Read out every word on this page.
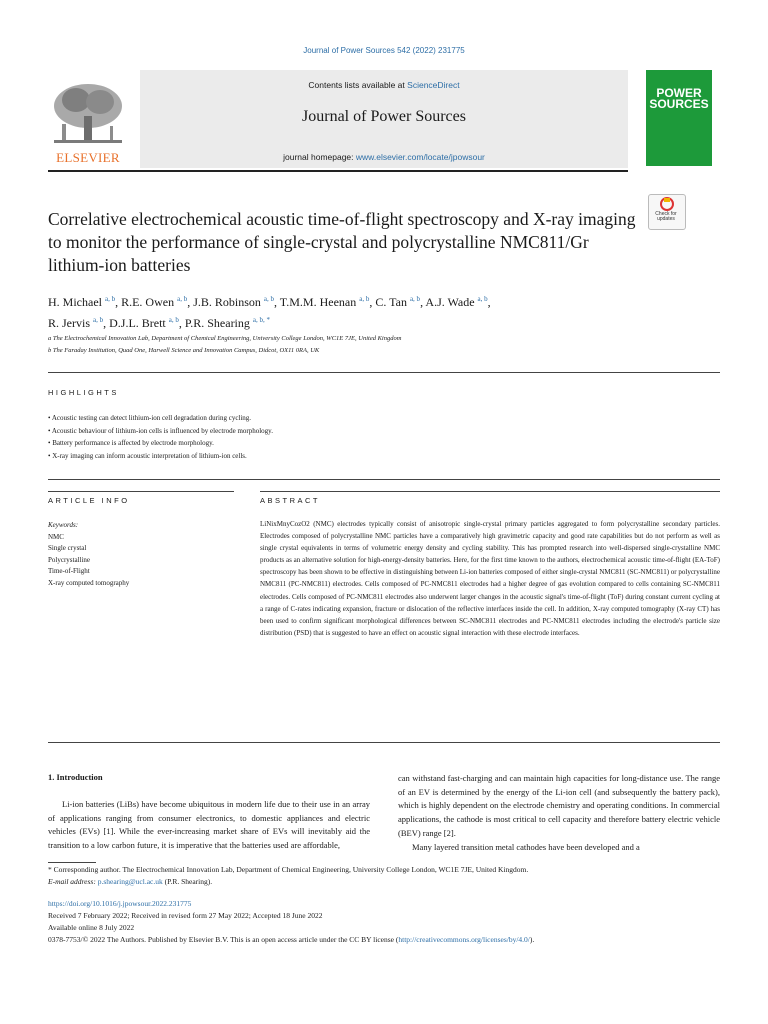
Journal of Power Sources 542 (2022) 231775
Contents lists available at ScienceDirect
Journal of Power Sources
journal homepage: www.elsevier.com/locate/jpowsour
ELSEVIER
POWER SOURCES
Check for updates
Correlative electrochemical acoustic time-of-flight spectroscopy and X-ray imaging to monitor the performance of single-crystal and polycrystalline NMC811/Gr lithium-ion batteries
H. Michael $^{a, b}$, R.E. Owen $^{a, b}$, J.B. Robinson $^{a, b}$, T.M.M. Heenan $^{a, b}$, C. Tan $^{a, b}$, A.J. Wade $^{a, b}$,
R. Jervis $^{a, b}$, D.J.L. Brett $^{a, b}$, P.R. Shearing $^{a, b, *}$
a The Electrochemical Innovation Lab, Department of Chemical Engineering, University College London, WC1E 7JE, United Kingdom
b The Faraday Institution, Quad One, Harwell Science and Innovation Campus, Didcot, OX11 0RA, UK
HIGHLIGHTS
• Acoustic testing can detect lithium-ion cell degradation during cycling.
• Acoustic behaviour of lithium-ion cells is influenced by electrode morphology.
• Battery performance is affected by electrode morphology.
• X-ray imaging can inform acoustic interpretation of lithium-ion cells.
ARTICLE INFO
Keywords:
NMC
Single crystal
Polycrystalline
Time-of-Flight
X-ray computed tomography
ABSTRACT
LiNixMnyCozO2 (NMC) electrodes typically consist of anisotropic single-crystal primary particles aggregated to form polycrystalline secondary particles. Electrodes composed of polycrystalline NMC particles have a comparatively high gravimetric capacity and good rate capabilities but do not perform as well as single crystal equivalents in terms of volumetric energy density and cycling stability. This has prompted research into well-dispersed single-crystalline NMC products as an alternative solution for high-energy-density batteries. Here, for the first time known to the authors, electrochemical acoustic time-of-flight (EA-ToF) spectroscopy has been shown to be effective in distinguishing between Li-ion batteries composed of either single-crystal NMC811 (SC-NMC811) or polycrystalline NMC811 (PC-NMC811) electrodes. Cells composed of PC-NMC811 electrodes had a higher degree of gas evolution compared to cells containing SC-NMC811 electrodes. Cells composed of PC-NMC811 electrodes also underwent larger changes in the acoustic signal's time-of-flight (ToF) during constant current cycling at a range of C-rates indicating expansion, fracture or dislocation of the reflective interfaces inside the cell. In addition, X-ray computed tomography (X-ray CT) has been used to confirm significant morphological differences between SC-NMC811 electrodes and PC-NMC811 electrodes including the electrode's particle size distribution (PSD) that is suggested to have an effect on acoustic signal interaction with these electrode interfaces.
1. Introduction
Li-ion batteries (LiBs) have become ubiquitous in modern life due to their use in an array of applications ranging from consumer electronics, to domestic appliances and electric vehicles (EVs) [1]. While the ever-increasing market share of EVs will inevitably aid the transition to a low carbon future, it is imperative that the batteries used are affordable,
can withstand fast-charging and can maintain high capacities for long-distance use. The range of an EV is determined by the energy of the Li-ion cell (and subsequently the battery pack), which is highly dependent on the electrode chemistry and operating conditions. In commercial applications, the cathode is most critical to cell capacity and therefore battery electric vehicle (BEV) range [2].
Many layered transition metal cathodes have been developed and a
* Corresponding author. The Electrochemical Innovation Lab, Department of Chemical Engineering, University College London, WC1E 7JE, United Kingdom.
E-mail address: p.shearing@ucl.ac.uk (P.R. Shearing).
https://doi.org/10.1016/j.jpowsour.2022.231775
Received 7 February 2022; Received in revised form 27 May 2022; Accepted 18 June 2022
Available online 8 July 2022
0378-7753/© 2022 The Authors. Published by Elsevier B.V. This is an open access article under the CC BY license (http://creativecommons.org/licenses/by/4.0/).
